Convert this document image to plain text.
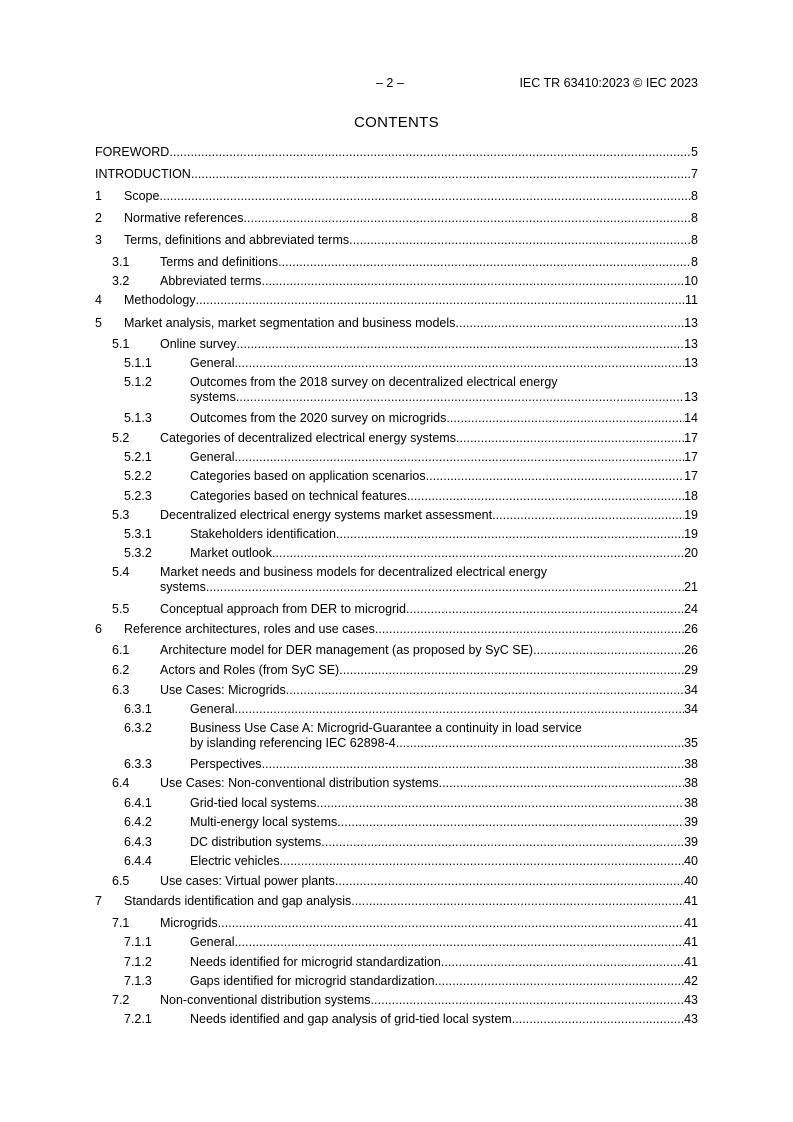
– 2 –	IEC TR 63410:2023 © IEC 2023
CONTENTS
FOREWORD .....	5
INTRODUCTION .....	7
1 Scope .....	8
2 Normative references .....	8
3 Terms, definitions and abbreviated terms .....	8
3.1 Terms and definitions .....	8
3.2 Abbreviated terms .....	10
4 Methodology .....	11
5 Market analysis, market segmentation and business models .....	13
5.1 Online survey .....	13
5.1.1	General .....	13
5.1.2	Outcomes from the 2018 survey on decentralized electrical energy
systems .....	13
5.1.3	Outcomes from the 2020 survey on microgrids .....	14
5.2 Categories of decentralized electrical energy systems .....	17
5.2.1	General .....	17
5.2.2	Categories based on application scenarios .....	17
5.2.3	Categories based on technical features .....	18
5.3 Decentralized electrical energy systems market assessment .....	19
5.3.1	Stakeholders identification .....	19
5.3.2	Market outlook .....	20
5.4 Market needs and business models for decentralized electrical energy
systems .....	21
5.5 Conceptual approach from DER to microgrid .....	24
6 Reference architectures, roles and use cases .....	26
6.1 Architecture model for DER management (as proposed by SyC SE) .....	26
6.2 Actors and Roles (from SyC SE) .....	29
6.3 Use Cases: Microgrids .....	34
6.3.1	General .....	34
6.3.2	Business Use Case A: Microgrid-Guarantee a continuity in load service
by islanding referencing IEC 62898-4 .....	35
6.3.3	Perspectives .....	38
6.4 Use Cases: Non-conventional distribution systems .....	38
6.4.1	Grid-tied local systems .....	38
6.4.2	Multi-energy local systems .....	39
6.4.3	DC distribution systems .....	39
6.4.4	Electric vehicles .....	40
6.5 Use cases: Virtual power plants .....	40
7 Standards identification and gap analysis .....	41
7.1 Microgrids .....	41
7.1.1	General .....	41
7.1.2	Needs identified for microgrid standardization .....	41
7.1.3	Gaps identified for microgrid standardization .....	42
7.2 Non-conventional distribution systems .....	43
7.2.1	Needs identified and gap analysis of grid-tied local system .....	43
